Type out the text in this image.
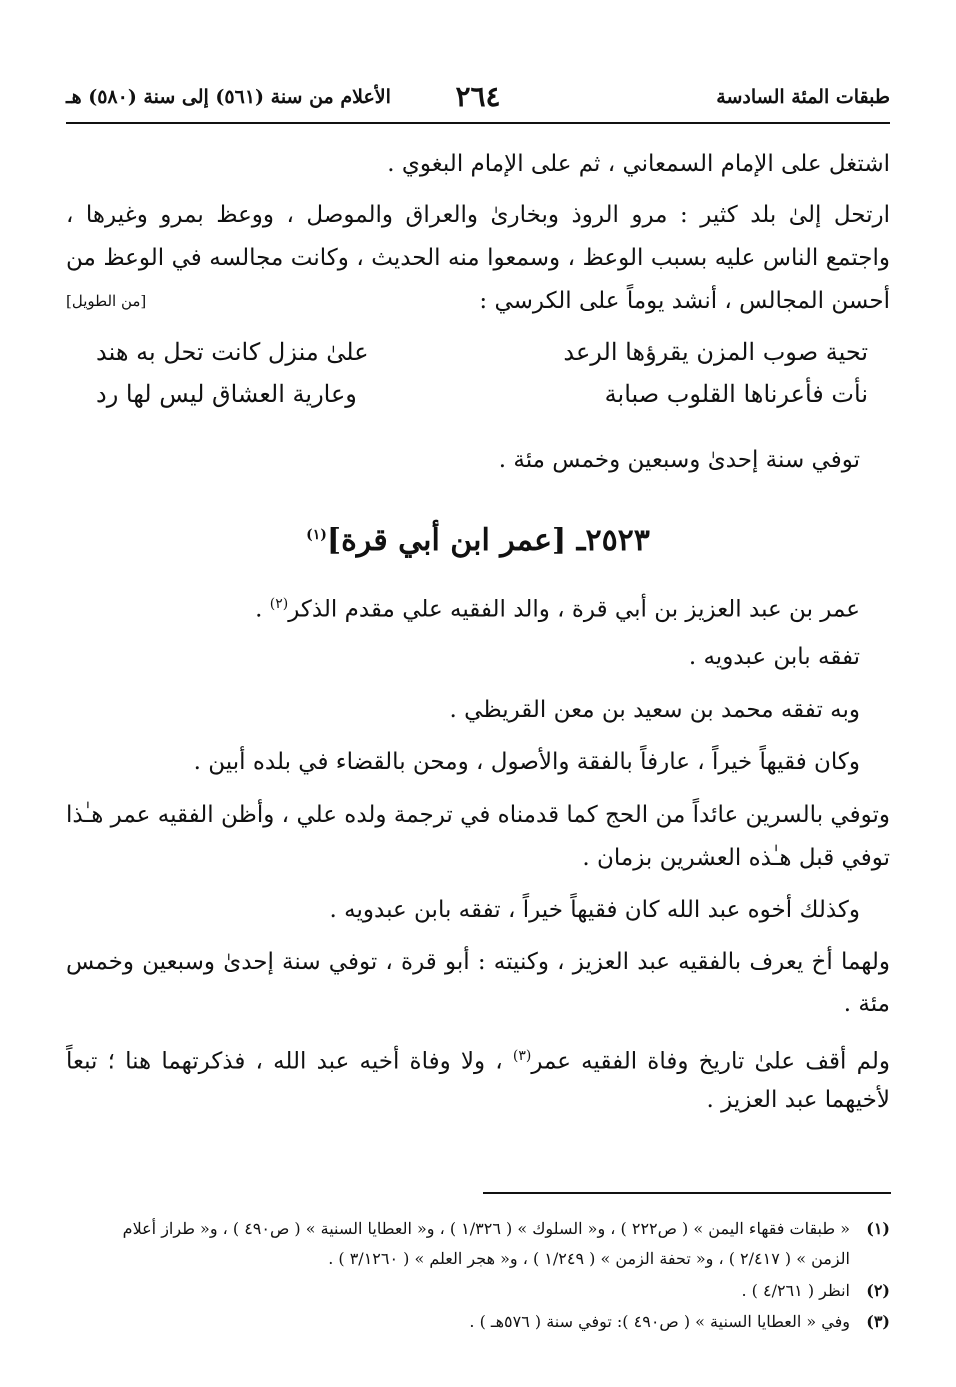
طبقات المئة السادسة
٢٦٤
الأعلام من سنة (٥٦١) إلى سنة (٥٨٠) هـ
اشتغل على الإمام السمعاني ، ثم على الإمام البغوي .
ارتحل إلىٰ بلد كثير : مرو الروذ وبخارىٰ والعراق والموصل ، ووعظ بمرو وغيرها ،
واجتمع الناس عليه بسبب الوعظ ، وسمعوا منه الحديث ، وكانت مجالسه في الوعظ من
أحسن المجالس ، أنشد يوماً على الكرسي :
[من الطويل]
تحية صوب المزن يقرؤها الرعد
علىٰ منزل كانت تحل به هند
نأت فأعرناها القلوب صبابة
وعارية العشاق ليس لها رد
توفي سنة إحدىٰ وسبعين وخمس مئة .
٢٥٢٣ـ [عمر ابن أبي قرة]$^{(١)}$
عمر بن عبد العزيز بن أبي قرة ، والد الفقيه علي مقدم الذكر$^{(٢)}$ .
تفقه بابن عبدويه .
وبه تفقه محمد بن سعيد بن معن القريظي .
وكان فقيهاً خيراً ، عارفاً بالفقة والأصول ، ومحن بالقضاء في بلده أبين .
وتوفي بالسرين عائداً من الحج كما قدمناه في ترجمة ولده علي ، وأظن الفقيه عمر هـٰذا
توفي قبل هـٰذه العشرين بزمان .
وكذلك أخوه عبد الله كان فقيهاً خيراً ، تفقه بابن عبدويه .
ولهما أخ يعرف بالفقيه عبد العزيز ، وكنيته : أبو قرة ، توفي سنة إحدىٰ وسبعين وخمس
مئة .
ولم أقف علىٰ تاريخ وفاة الفقيه عمر$^{(٣)}$ ، ولا وفاة أخيه عبد الله ، فذكرتهما هنا ؛ تبعاً
لأخيهما عبد العزيز .
(١)« طبقات فقهاء اليمن » ( ص٢٢٢ ) ، و« السلوك » ( ١/٣٢٦ ) ، و« العطايا السنية » ( ص٤٩٠ ) ، و« طراز أعلام
الزمن » ( ٢/٤١٧ ) ، و« تحفة الزمن » ( ١/٢٤٩ ) ، و« هجر العلم » ( ٣/١٢٦٠ ) .
(٢)انظر ( ٤/٢٦١ ) .
(٣)وفي « العطايا السنية » ( ص٤٩٠ ): توفي سنة ( ٥٧٦هـ ) .
